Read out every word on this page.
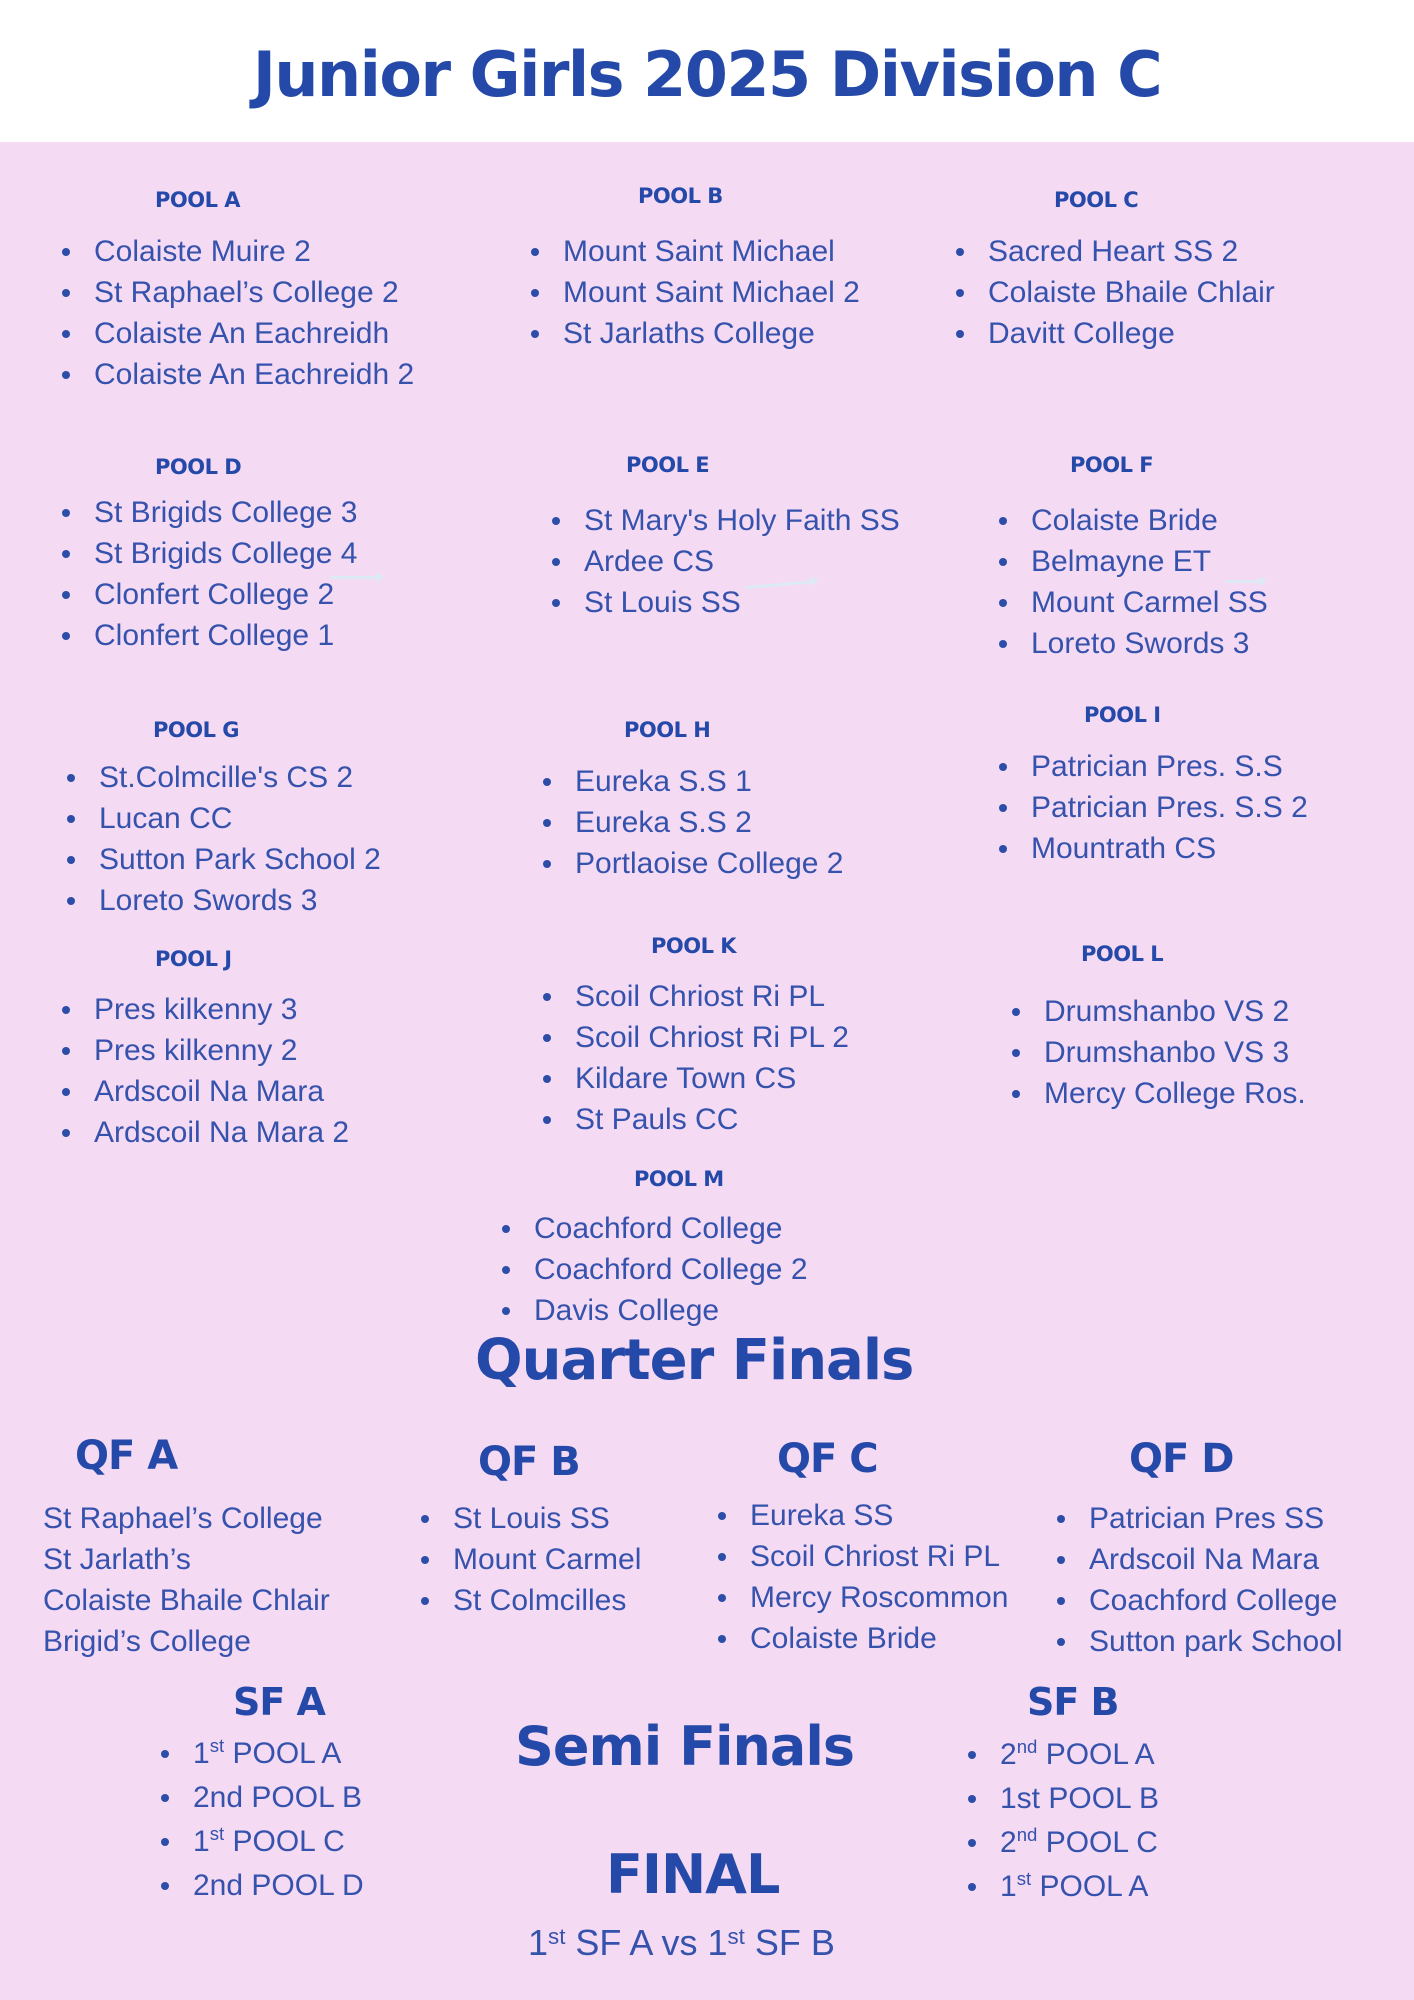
Junior Girls 2025 Division C
POOL A
Colaiste Muire 2
St Raphael’s College 2
Colaiste An Eachreidh
Colaiste An Eachreidh 2
POOL B
Mount Saint Michael
Mount Saint Michael 2
St Jarlaths College
POOL C
Sacred Heart SS 2
Colaiste Bhaile Chlair
Davitt College
POOL D
St Brigids College 3
St Brigids College 4
Clonfert College 2
Clonfert College 1
POOL E
St Mary's Holy Faith SS
Ardee CS
St Louis SS
POOL F
Colaiste Bride
Belmayne ET
Mount Carmel SS
Loreto Swords 3
POOL G
St.Colmcille's CS 2
Lucan CC
Sutton Park School 2
Loreto Swords 3
POOL H
Eureka S.S 1
Eureka S.S 2
Portlaoise College 2
POOL I
Patrician Pres. S.S
Patrician Pres. S.S 2
Mountrath CS
POOL J
Pres kilkenny 3
Pres kilkenny 2
Ardscoil Na Mara
Ardscoil Na Mara 2
POOL K
Scoil Chriost Ri PL
Scoil Chriost Ri PL 2
Kildare Town CS
St Pauls CC
POOL L
Drumshanbo VS 2
Drumshanbo VS 3
Mercy College Ros.
POOL M
Coachford College
Coachford College 2
Davis College
Quarter Finals
QF A
St Raphael’s College
St Jarlath’s
Colaiste Bhaile Chlair
Brigid’s College
QF B
St Louis SS
Mount Carmel
St Colmcilles
QF C
Eureka SS
Scoil Chriost Ri PL
Mercy Roscommon
Colaiste Bride
QF D
Patrician Pres SS
Ardscoil Na Mara
Coachford College
Sutton park School
SF A
1st POOL A
2nd POOL B
1st POOL C
2nd POOL D
Semi Finals
SF B
2nd POOL A
1st POOL B
2nd POOL C
1st POOL A
FINAL
1st SF A vs 1st SF B
